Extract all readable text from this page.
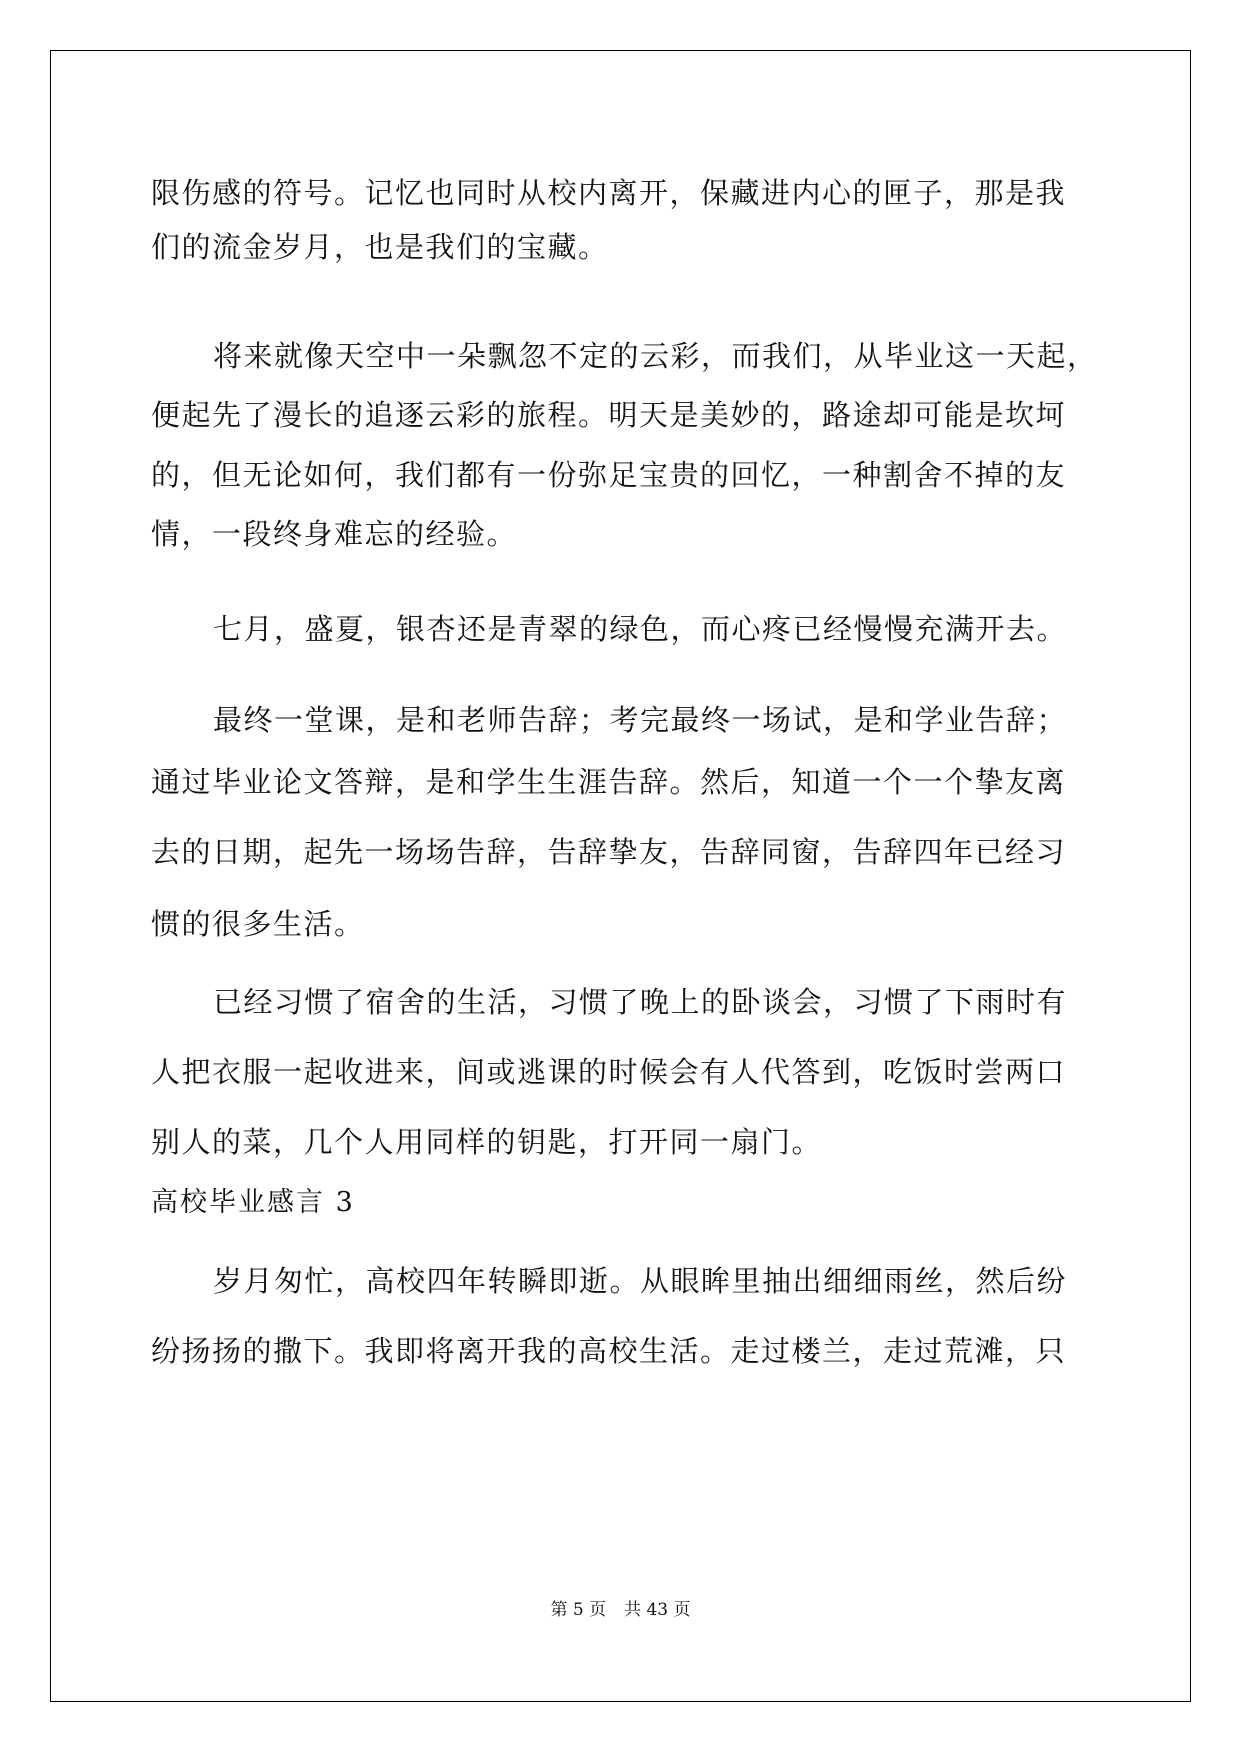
限伤感的符号。记忆也同时从校内离开，保藏进内心的匣子，那是我
们的流金岁月，也是我们的宝藏。
将来就像天空中一朵飘忽不定的云彩，而我们，从毕业这一天起，
便起先了漫长的追逐云彩的旅程。明天是美妙的，路途却可能是坎坷
的，但无论如何，我们都有一份弥足宝贵的回忆，一种割舍不掉的友
情，一段终身难忘的经验。
七月，盛夏，银杏还是青翠的绿色，而心疼已经慢慢充满开去。
最终一堂课，是和老师告辞；考完最终一场试，是和学业告辞；
通过毕业论文答辩，是和学生生涯告辞。然后，知道一个一个挚友离
去的日期，起先一场场告辞，告辞挚友，告辞同窗，告辞四年已经习
惯的很多生活。
已经习惯了宿舍的生活，习惯了晚上的卧谈会，习惯了下雨时有
人把衣服一起收进来，间或逃课的时候会有人代答到，吃饭时尝两口
别人的菜，几个人用同样的钥匙，打开同一扇门。
高校毕业感言 3
岁月匆忙，高校四年转瞬即逝。从眼眸里抽出细细雨丝，然后纷
纷扬扬的撒下。我即将离开我的高校生活。走过楼兰，走过荒滩，只
第 5 页 共 43 页
